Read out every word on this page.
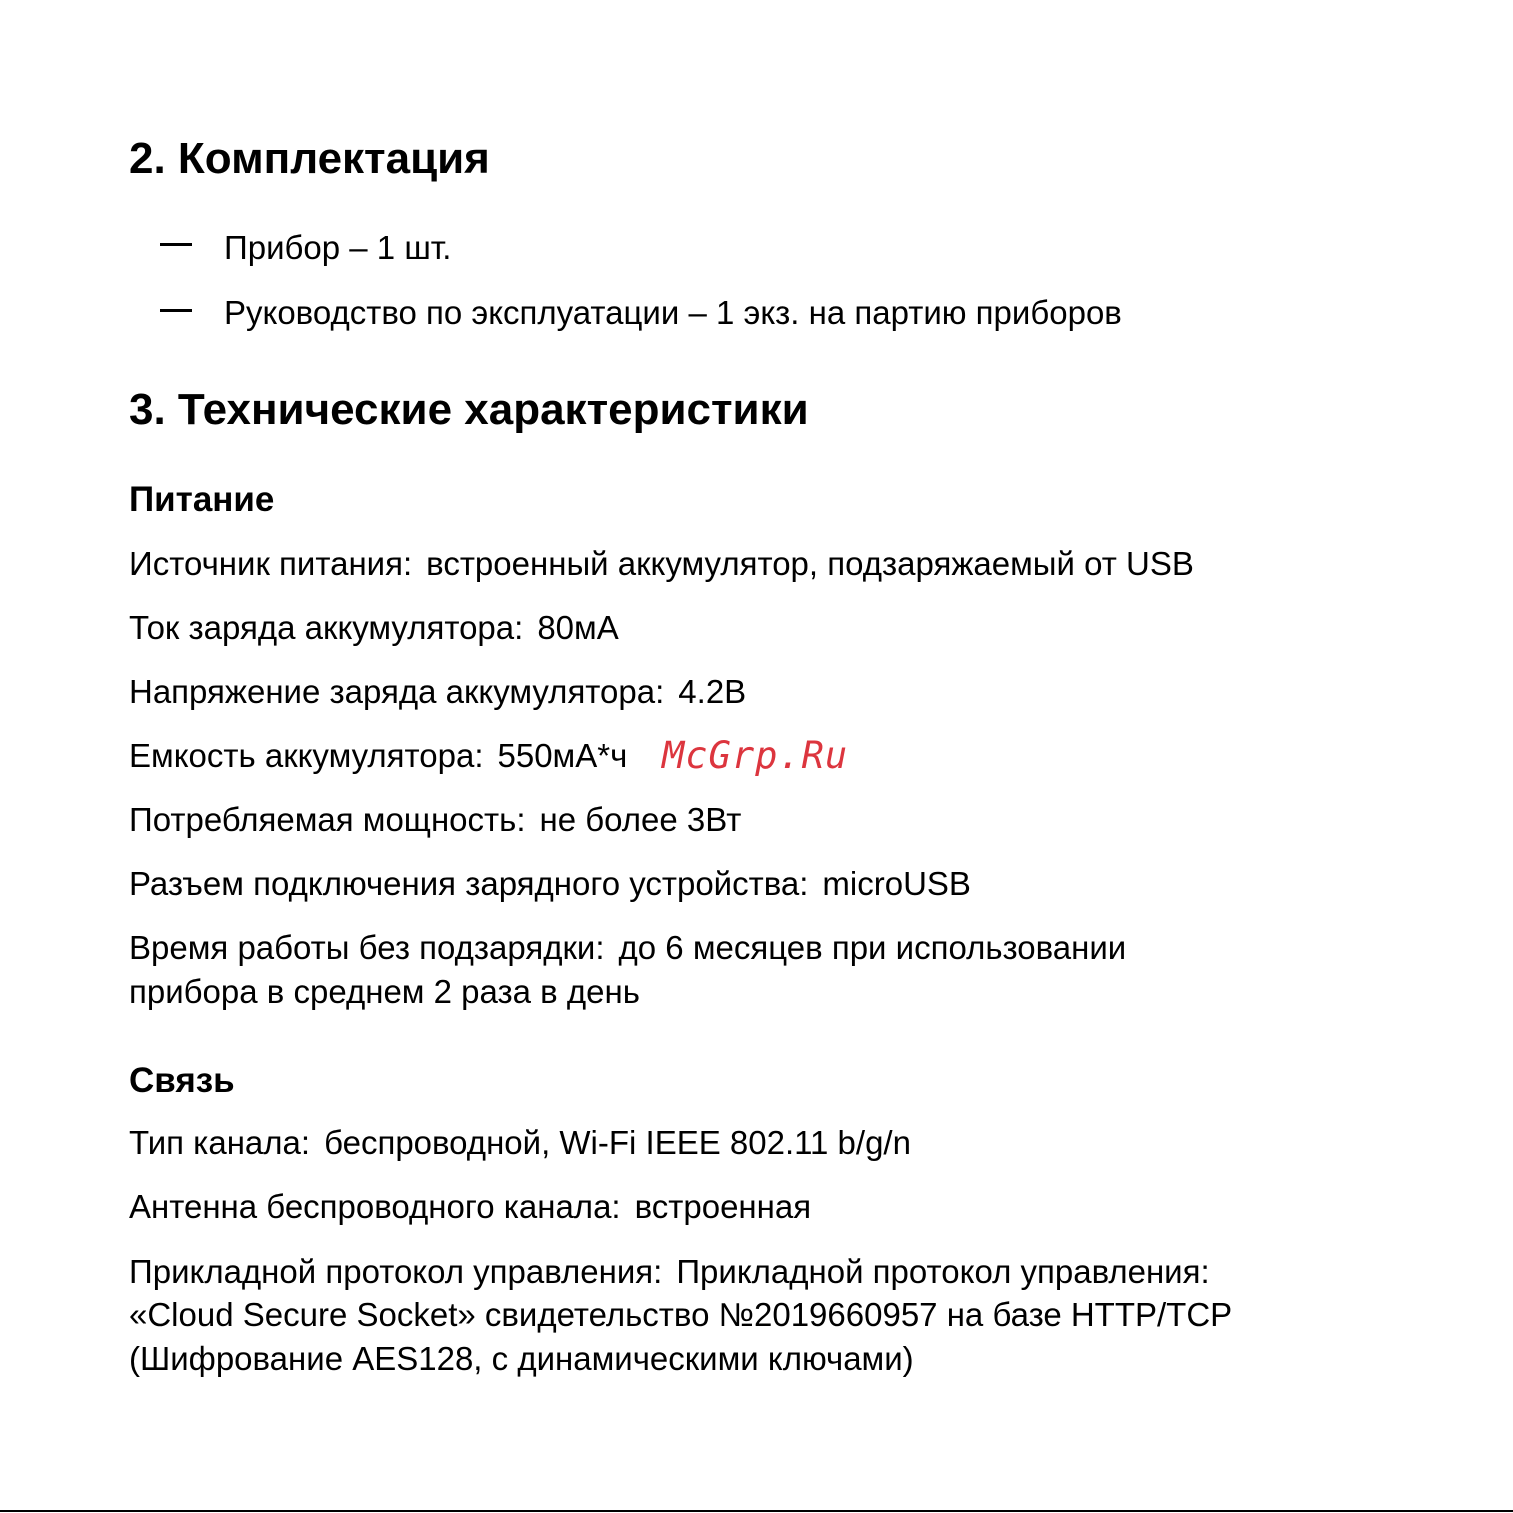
2. Комплектация
Прибор – 1 шт.
Руководство по эксплуатации – 1 экз. на партию приборов
3. Технические характеристики
Питание
Источник питания: встроенный аккумулятор, подзаряжаемый от USB
Ток заряда аккумулятора: 80мА
Напряжение заряда аккумулятора: 4.2В
Емкость аккумулятора: 550мА*ч
Потребляемая мощность: не более 3Вт
Разъем подключения зарядного устройства: microUSB
Время работы без подзарядки: до 6 месяцев при использовании
прибора в среднем 2 раза в день
Связь
Тип канала: беспроводной, Wi-Fi IEEE 802.11 b/g/n
Антенна беспроводного канала: встроенная
Прикладной протокол управления: Прикладной протокол управления:
«Cloud Secure Socket» свидетельство №2019660957 на базе HTTP/TCP
(Шифрование AES128, с динамическими ключами)
McGrp.Ru
